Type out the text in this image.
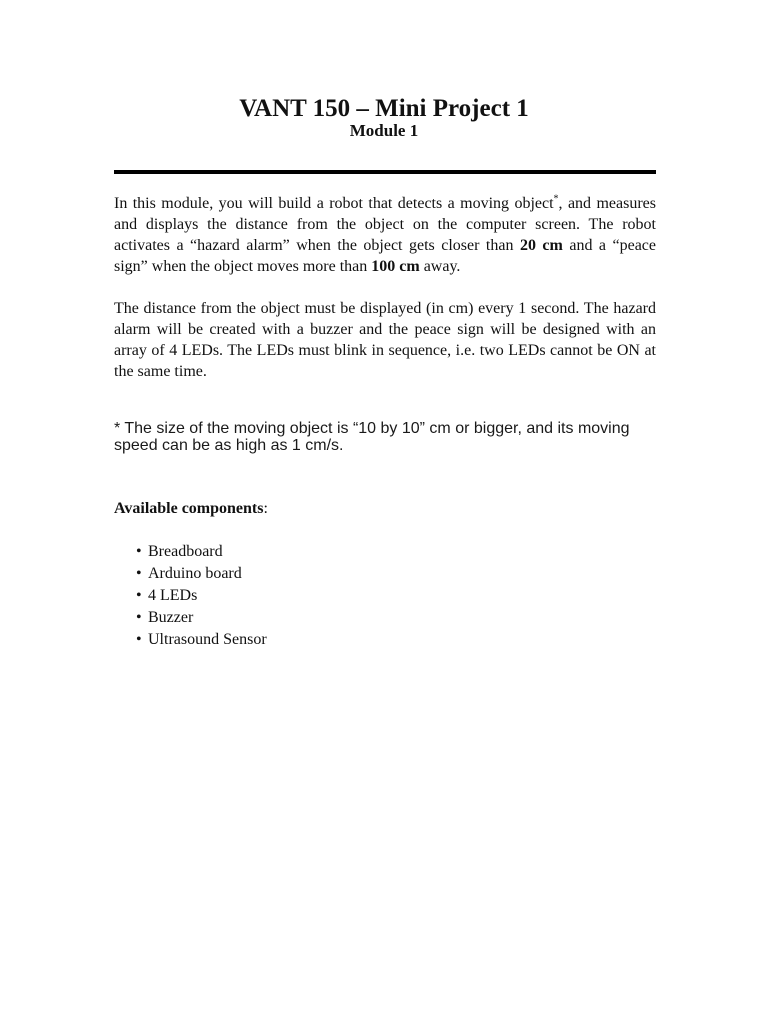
VANT 150 – Mini Project 1
Module 1

In this module, you will build a robot that detects a moving object*, and measures and displays the distance from the object on the computer screen. The robot activates a “hazard alarm” when the object gets closer than 20 cm and a “peace sign” when the object moves more than 100 cm away.

The distance from the object must be displayed (in cm) every 1 second. The hazard alarm will be created with a buzzer and the peace sign will be designed with an array of 4 LEDs. The LEDs must blink in sequence, i.e. two LEDs cannot be ON at the same time.

* The size of the moving object is “10 by 10” cm or bigger, and its moving speed can be as high as 1 cm/s.

Available components:

• Breadboard
• Arduino board
• 4 LEDs
• Buzzer
• Ultrasound Sensor
